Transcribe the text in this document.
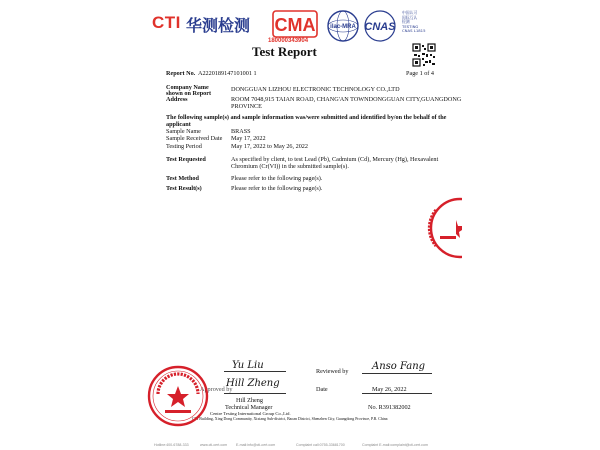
CTI 华测检测 CMA
180000343904
ilac-MRA CNAS
中国认可
国际互认
检测
TESTING
CNAS L1815
Test Report
Report No. A2220189147101001 1	Page 1 of 4
Company Name
shown on Report
DONGGUAN LIZHOU ELECTRONIC TECHNOLOGY CO.,LTD
Address	ROOM 7048,915 TAIAN ROAD, CHANG'AN TOWNDONGGUAN CITY,GUANGDONG
PROVINCE
The following sample(s) and sample information was/were submitted and identified by/on the behalf of the
applicant
Sample Name	BRASS
Sample Received Date May 17, 2022
Testing Period	May 17, 2022 to May 26, 2022
Test Requested	As specified by client, to test Lead (Pb), Cadmium (Cd), Mercury (Hg), Hexavalent
Chromium (Cr(VI)) in the submitted sample(s).
Test Method	Please refer to the following page(s).
Test Result(s)	Please refer to the following page(s).
Yu Liu
Reviewed by Anso Fang
Approved by
Hill Zheng
Date	May 26, 2022
Hill Zheng
Technical Manager	No. R391382002
Centre Testing International Group Co.,Ltd.
CTI Building, Xing Dong Community, Xixiang Sub-district, Baoan District, Shenzhen City, Guangdong Province, P.R. China
Hotline:400-6788-333	www.cti-cert.com E-mail:info@cti-cert.com	Complaint call:0755-33681700	Complaint E-mail:complaint@cti-cert.com
